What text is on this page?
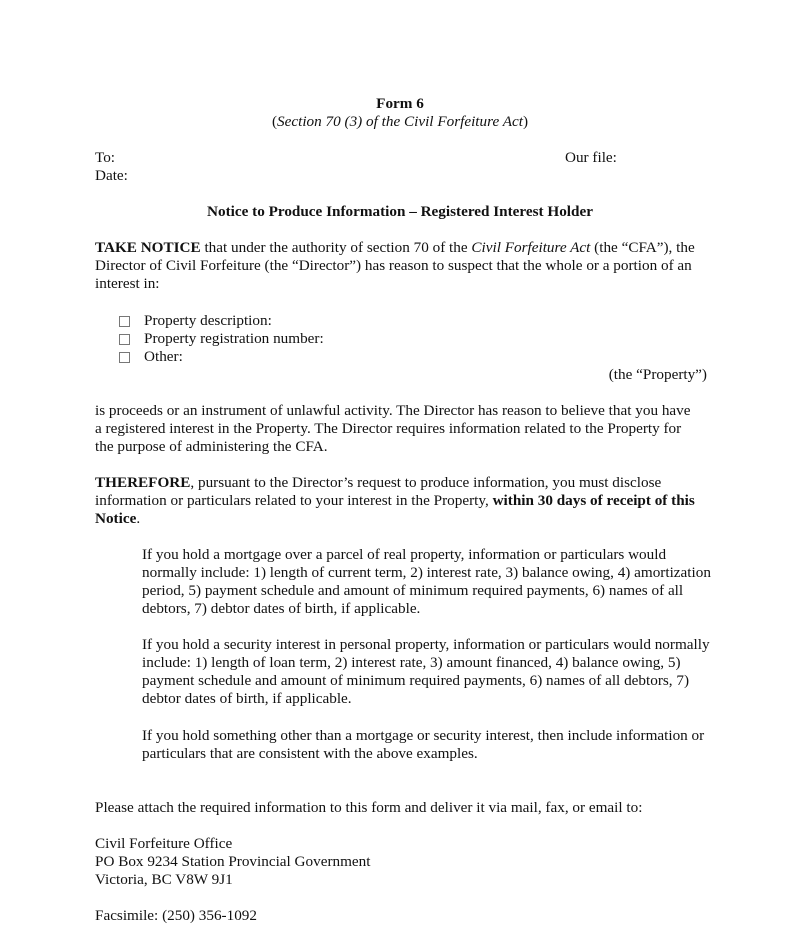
Form 6
(Section 70 (3) of the Civil Forfeiture Act)
To:
Date:
Our file:
Notice to Produce Information – Registered Interest Holder

TAKE NOTICE that under the authority of section 70 of the Civil Forfeiture Act (the “CFA”), the Director of Civil Forfeiture (the “Director”) has reason to suspect that the whole or a portion of an interest in:

Property description:
Property registration number:
Other:
(the “Property”)

is proceeds or an instrument of unlawful activity. The Director has reason to believe that you have a registered interest in the Property. The Director requires information related to the Property for the purpose of administering the CFA.

THEREFORE, pursuant to the Director’s request to produce information, you must disclose information or particulars related to your interest in the Property, within 30 days of receipt of this Notice.

If you hold a mortgage over a parcel of real property, information or particulars would normally include: 1) length of current term, 2) interest rate, 3) balance owing, 4) amortization period, 5) payment schedule and amount of minimum required payments, 6) names of all debtors, 7) debtor dates of birth, if applicable.

If you hold a security interest in personal property, information or particulars would normally include: 1) length of loan term, 2) interest rate, 3) amount financed, 4) balance owing, 5) payment schedule and amount of minimum required payments, 6) names of all debtors, 7) debtor dates of birth, if applicable.

If you hold something other than a mortgage or security interest, then include information or particulars that are consistent with the above examples.

Please attach the required information to this form and deliver it via mail, fax, or email to:
Civil Forfeiture Office
PO Box 9234 Station Provincial Government
Victoria, BC V8W 9J1
Facsimile: (250) 356-1092
